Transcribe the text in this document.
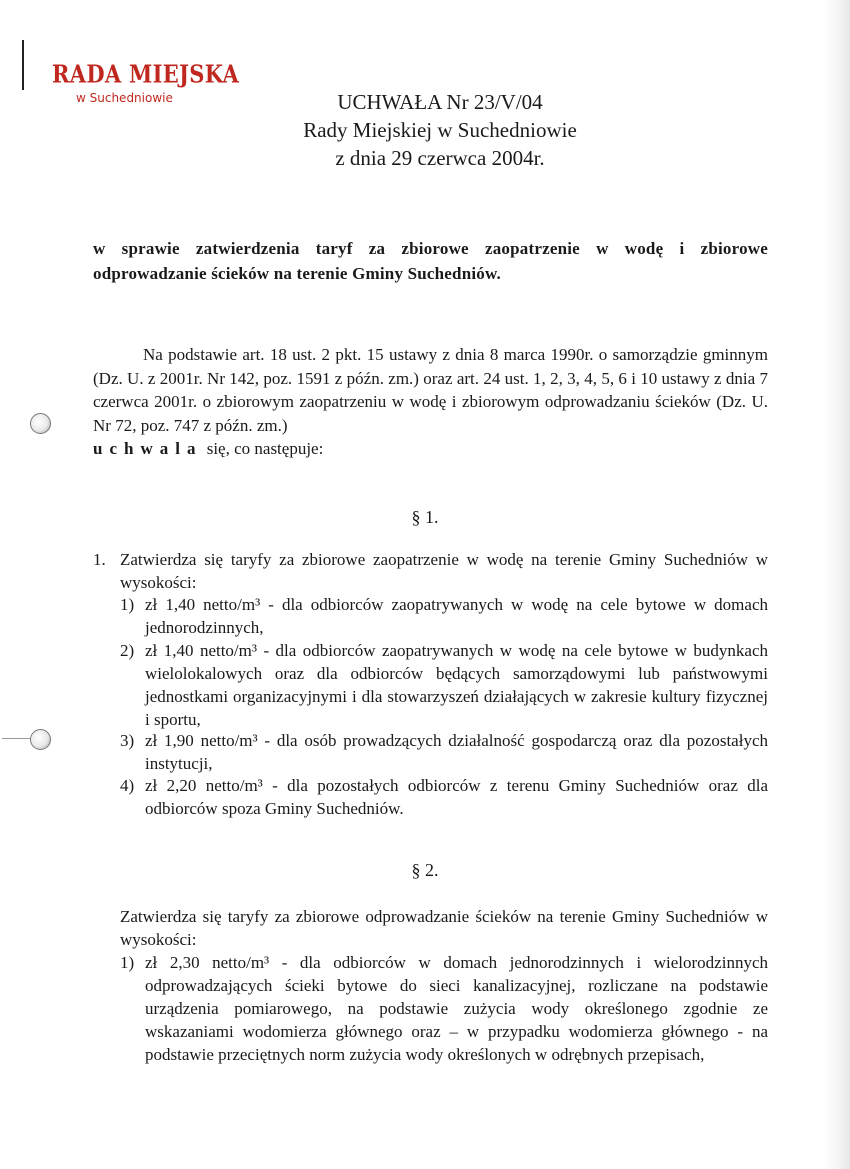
RADA MIEJSKA
w Suchedniowie	UCHWAŁA Nr 23/V/04
Rady Miejskiej w Suchedniowie
z dnia 29 czerwca 2004r.
w sprawie zatwierdzenia taryf za zbiorowe zaopatrzenie w wodę i zbiorowe odprowadzanie ścieków na terenie Gminy Suchedniów.
Na podstawie art. 18 ust. 2 pkt. 15 ustawy z dnia 8 marca 1990r. o samorządzie gminnym (Dz. U. z 2001r. Nr 142, poz. 1591 z późn. zm.) oraz art. 24 ust. 1, 2, 3, 4, 5, 6 i 10 ustawy z dnia 7 czerwca 2001r. o zbiorowym zaopatrzeniu w wodę i zbiorowym odprowadzaniu ścieków (Dz. U. Nr 72, poz. 747 z późn. zm.)
uchwala się, co następuje:
§ 1.
1. Zatwierdza się taryfy za zbiorowe zaopatrzenie w wodę na terenie Gminy Suchedniów w wysokości:
1) zł 1,40 netto/m³ - dla odbiorców zaopatrywanych w wodę na cele bytowe w domach jednorodzinnych,
2) zł 1,40 netto/m³ - dla odbiorców zaopatrywanych w wodę na cele bytowe w budynkach wielolokalowych oraz dla odbiorców będących samorządowymi lub państwowymi jednostkami organizacyjnymi i dla stowarzyszeń działających w zakresie kultury fizycznej i sportu,
3) zł 1,90 netto/m³ - dla osób prowadzących działalność gospodarczą oraz dla pozostałych instytucji,
4) zł 2,20 netto/m³ - dla pozostałych odbiorców z terenu Gminy Suchedniów oraz dla odbiorców spoza Gminy Suchedniów.
§ 2.
Zatwierdza się taryfy za zbiorowe odprowadzanie ścieków na terenie Gminy Suchedniów w wysokości:
1) zł 2,30 netto/m³ - dla odbiorców w domach jednorodzinnych i wielorodzinnych odprowadzających ścieki bytowe do sieci kanalizacyjnej, rozliczane na podstawie urządzenia pomiarowego, na podstawie zużycia wody określonego zgodnie ze wskazaniami wodomierza głównego oraz – w przypadku wodomierza głównego - na podstawie przeciętnych norm zużycia wody określonych w odrębnych przepisach,
